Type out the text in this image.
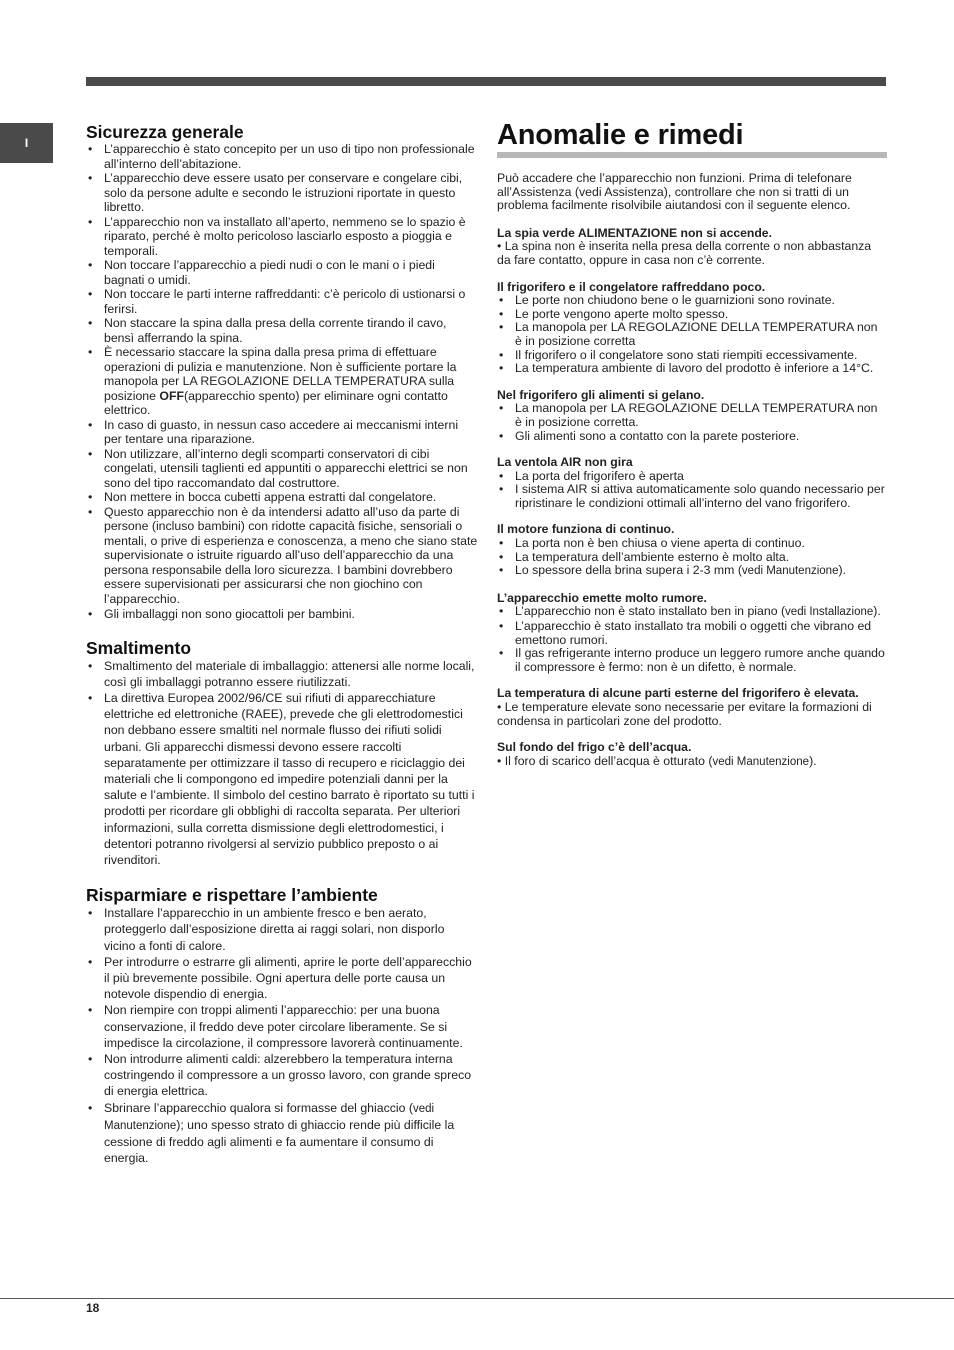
I
Sicurezza generale
• L’apparecchio è stato concepito per un uso di tipo non professionale all’interno dell’abitazione.
• L’apparecchio deve essere usato per conservare e congelare cibi, solo da persone adulte e secondo le istruzioni riportate in questo libretto.
• L’apparecchio non va installato all’aperto, nemmeno se lo spazio è riparato, perché è molto pericoloso lasciarlo esposto a pioggia e temporali.
• Non toccare l’apparecchio a piedi nudi o con le mani o i piedi bagnati o umidi.
• Non toccare le parti interne raffreddanti: c’è pericolo di ustionarsi o ferirsi.
• Non staccare la spina dalla presa della corrente tirando il cavo, bensì afferrando la spina.
• È necessario staccare la spina dalla presa prima di effettuare operazioni di pulizia e manutenzione. Non è sufficiente portare la manopola per LA REGOLAZIONE DELLA TEMPERATURA sulla posizione OFF(apparecchio spento) per eliminare ogni contatto elettrico.
• In caso di guasto, in nessun caso accedere ai meccanismi interni per tentare una riparazione.
• Non utilizzare, all’interno degli scomparti conservatori di cibi congelati, utensili taglienti ed appuntiti o apparecchi elettrici se non sono del tipo raccomandato dal costruttore.
• Non mettere in bocca cubetti appena estratti dal congelatore.
• Questo apparecchio non è da intendersi adatto all’uso da parte di persone (incluso bambini) con ridotte capacità fisiche, sensoriali o mentali, o prive di esperienza e conoscenza, a meno che siano state supervisionate o istruite riguardo all’uso dell’apparecchio da una persona responsabile della loro sicurezza. I bambini dovrebbero essere supervisionati per assicurarsi che non giochino con l’apparecchio.
• Gli imballaggi non sono giocattoli per bambini.
Smaltimento
• Smaltimento del materiale di imballaggio: attenersi alle norme locali, così gli imballaggi potranno essere riutilizzati.
• La direttiva Europea 2002/96/CE sui rifiuti di apparecchiature elettriche ed elettroniche (RAEE), prevede che gli elettrodomestici non debbano essere smaltiti nel normale flusso dei rifiuti solidi urbani. Gli apparecchi dismessi devono essere raccolti separatamente per ottimizzare il tasso di recupero e riciclaggio dei materiali che li compongono ed impedire potenziali danni per la salute e l’ambiente. Il simbolo del cestino barrato è riportato su tutti i prodotti per ricordare gli obblighi di raccolta separata. Per ulteriori informazioni, sulla corretta dismissione degli elettrodomestici, i detentori potranno rivolgersi al servizio pubblico preposto o ai rivenditori.
Risparmiare e rispettare l’ambiente
• Installare l’apparecchio in un ambiente fresco e ben aerato, proteggerlo dall’esposizione diretta ai raggi solari, non disporlo vicino a fonti di calore.
• Per introdurre o estrarre gli alimenti, aprire le porte dell’apparecchio il più brevemente possibile. Ogni apertura delle porte causa un notevole dispendio di energia.
• Non riempire con troppi alimenti l’apparecchio: per una buona conservazione, il freddo deve poter circolare liberamente. Se si impedisce la circolazione, il compressore lavorerà continuamente.
• Non introdurre alimenti caldi: alzerebbero la temperatura interna costringendo il compressore a un grosso lavoro, con grande spreco di energia elettrica.
• Sbrinare l’apparecchio qualora si formasse del ghiaccio (vedi Manutenzione); uno spesso strato di ghiaccio rende più difficile la cessione di freddo agli alimenti e fa aumentare il consumo di energia.
Anomalie e rimedi

Può accadere che l’apparecchio non funzioni. Prima di telefonare all’Assistenza (vedi Assistenza), controllare che non si tratti di un problema facilmente risolvibile aiutandosi con il seguente elenco.

La spia verde ALIMENTAZIONE non si accende.

• La spina non è inserita nella presa della corrente o non abbastanza da fare contatto, oppure in casa non c’è corrente.

Il frigorifero e il congelatore raffreddano poco.
• Le porte non chiudono bene o le guarnizioni sono rovinate.
• Le porte vengono aperte molto spesso.
• La manopola per LA REGOLAZIONE DELLA TEMPERATURA non è in posizione corretta
• Il frigorifero o il congelatore sono stati riempiti eccessivamente.
• La temperatura ambiente di lavoro del prodotto è inferiore a 14°C.
Nel frigorifero gli alimenti si gelano.
• La manopola per LA REGOLAZIONE DELLA TEMPERATURA non è in posizione corretta.
• Gli alimenti sono a contatto con la parete posteriore.
La ventola AIR non gira
• La porta del frigorifero è aperta
• I sistema AIR si attiva automaticamente solo quando necessario per ripristinare le condizioni ottimali all’interno del vano frigorifero.
Il motore funziona di continuo.
• La porta non è ben chiusa o viene aperta di continuo.
• La temperatura dell’ambiente esterno è molto alta.
• Lo spessore della brina supera i 2-3 mm (vedi Manutenzione).
L’apparecchio emette molto rumore.
• L’apparecchio non è stato installato ben in piano (vedi Installazione).
• L’apparecchio è stato installato tra mobili o oggetti che vibrano ed emettono rumori.
• Il gas refrigerante interno produce un leggero rumore anche quando il compressore è fermo: non è un difetto, è normale.
La temperatura di alcune parti esterne del frigorifero è elevata.

• Le temperature elevate sono necessarie per evitare la formazioni di condensa in particolari zone del prodotto.

Sul fondo del frigo c’è dell’acqua.

• Il foro di scarico dell’acqua è otturato (vedi Manutenzione).

18
